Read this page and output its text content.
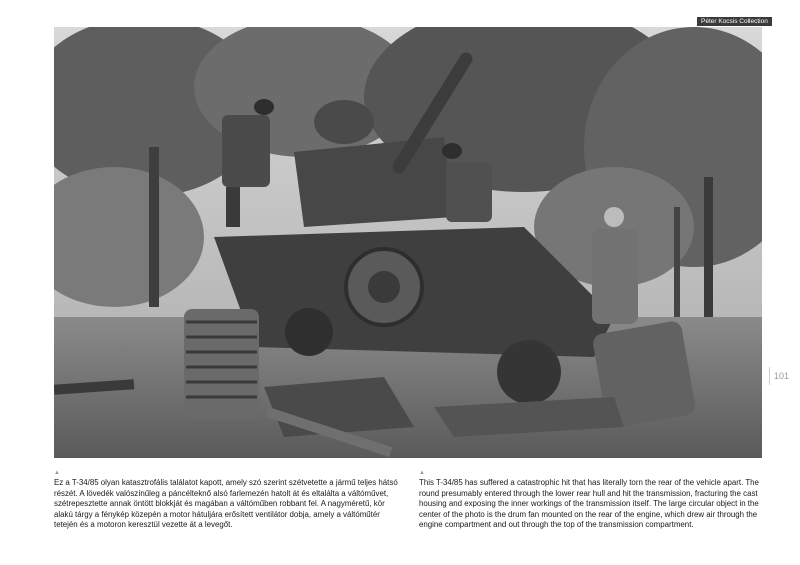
Péter Kocsis Collection
101
▲	▲

Ez a T-34/85 olyan katasztrofális találatot kapott, amely szó szerint szétvetette a jármű teljes hátsó részét. A lövedék valószínűleg a páncélteknő alsó farlemezén hatolt át és eltalálta a váltóművet, szétrepesztette annak öntött blokkját és magában a váltóműben robbant fel. A nagyméretű, kör alakú tárgy a fénykép közepén a motor hátuljára erősített ventilátor dobja, amely a váltóműtér tetején és a motoron keresztül vezette át a levegőt.

This T-34/85 has suffered a catastrophic hit that has literally torn the rear of the vehicle apart. The round presumably entered through the lower rear hull and hit the transmission, fracturing the cast housing and exposing the inner workings of the transmission itself. The large circular object in the center of the photo is the drum fan mounted on the rear of the engine, which drew air through the engine compartment and out through the top of the transmission compartment.
